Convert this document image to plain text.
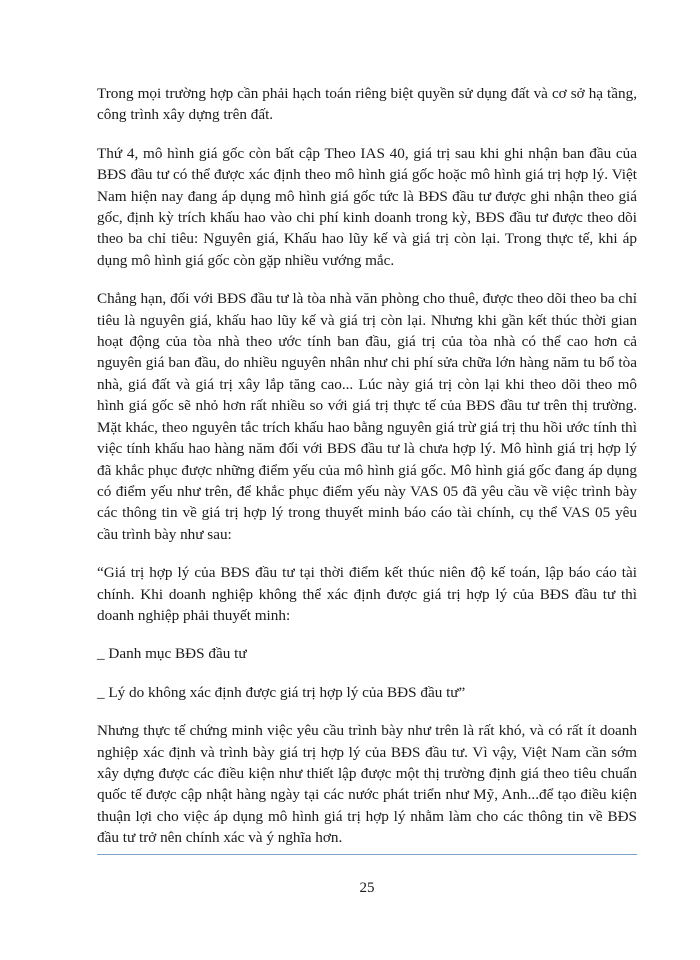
Trong mọi trường hợp cần phải hạch toán riêng biệt quyền sử dụng đất và cơ sở hạ tầng, công trình xây dựng trên đất.

Thứ 4, mô hình giá gốc còn bất cập Theo IAS 40, giá trị sau khi ghi nhận ban đầu của BĐS đầu tư có thể được xác định theo mô hình giá gốc hoặc mô hình giá trị hợp lý. Việt Nam hiện nay đang áp dụng mô hình giá gốc tức là BĐS đầu tư được ghi nhận theo giá gốc, định kỳ trích khấu hao vào chi phí kinh doanh trong kỳ, BĐS đầu tư được theo dõi theo ba chỉ tiêu: Nguyên giá, Khấu hao lũy kế và giá trị còn lại. Trong thực tế, khi áp dụng mô hình giá gốc còn gặp nhiều vướng mắc.

Chẳng hạn, đối với BĐS đầu tư là tòa nhà văn phòng cho thuê, được theo dõi theo ba chỉ tiêu là nguyên giá, khấu hao lũy kế và giá trị còn lại. Nhưng khi gần kết thúc thời gian hoạt động của tòa nhà theo ước tính ban đầu, giá trị của tòa nhà có thể cao hơn cả nguyên giá ban đầu, do nhiều nguyên nhân như chi phí sửa chữa lớn hàng năm tu bổ tòa nhà, giá đất và giá trị xây lắp tăng cao... Lúc này giá trị còn lại khi theo dõi theo mô hình giá gốc sẽ nhỏ hơn rất nhiều so với giá trị thực tế của BĐS đầu tư trên thị trường. Mặt khác, theo nguyên tắc trích khấu hao bằng nguyên giá trừ giá trị thu hồi ước tính thì việc tính khấu hao hàng năm đối với BĐS đầu tư là chưa hợp lý. Mô hình giá trị hợp lý đã khắc phục được những điểm yếu của mô hình giá gốc. Mô hình giá gốc đang áp dụng có điểm yếu như trên, để khắc phục điểm yếu này VAS 05 đã yêu cầu về việc trình bày các thông tin về giá trị hợp lý trong thuyết minh báo cáo tài chính, cụ thể VAS 05 yêu cầu trình bày như sau:

“Giá trị hợp lý của BĐS đầu tư tại thời điểm kết thúc niên độ kế toán, lập báo cáo tài chính. Khi doanh nghiệp không thể xác định được giá trị hợp lý của BĐS đầu tư thì doanh nghiệp phải thuyết minh:

_ Danh mục BĐS đầu tư

_ Lý do không xác định được giá trị hợp lý của BĐS đầu tư”

Nhưng thực tế chứng minh việc yêu cầu trình bày như trên là rất khó, và có rất ít doanh nghiệp xác định và trình bày giá trị hợp lý của BĐS đầu tư. Vì vậy, Việt Nam cần sớm xây dựng được các điều kiện như thiết lập được một thị trường định giá theo tiêu chuẩn quốc tế được cập nhật hàng ngày tại các nước phát triển như Mỹ, Anh...để tạo điều kiện thuận lợi cho việc áp dụng mô hình giá trị hợp lý nhằm làm cho các thông tin về BĐS đầu tư trở nên chính xác và ý nghĩa hơn.

25
